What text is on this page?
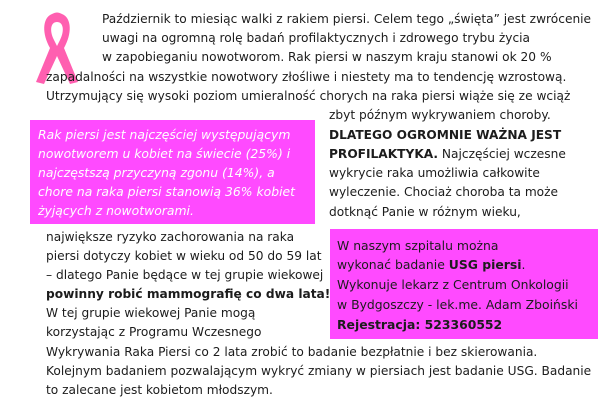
Październik to miesiąc walki z rakiem piersi. Celem tego „święta” jest zwrócenie
uwagi na ogromną rolę badań profilaktycznych i zdrowego trybu życia
w zapobieganiu nowotworom. Rak piersi w naszym kraju stanowi ok 20 %
zapadalności na wszystkie nowotwory złośliwe i niestety ma to tendencję wzrostową.
Utrzymujący się wysoki poziom umieralność chorych na raka piersi wiąże się ze wciąż
zbyt późnym wykrywaniem choroby.
Rak piersi jest najczęściej występującym
nowotworem u kobiet na świecie (25%) i
najczęstszą przyczyną zgonu (14%), a
chore na raka piersi stanowią 36% kobiet
żyjących z nowotworami.
DLATEGO OGROMNIE WAŻNA JEST
PROFILAKTYKA. Najczęściej wczesne
wykrycie raka umożliwia całkowite
wyleczenie. Chociaż choroba ta może
dotknąć Panie w różnym wieku,
największe ryzyko zachorowania na raka
piersi dotyczy kobiet w wieku od 50 do 59 lat
– dlatego Panie będące w tej grupie wiekowej
powinny robić mammografię co dwa lata!
W tej grupie wiekowej Panie mogą
korzystając z Programu Wczesnego
W naszym szpitalu można
wykonać badanie USG piersi.
Wykonuje lekarz z Centrum Onkologii
w Bydgoszczy - lek.me. Adam Zboiński
Rejestracja: 523360552
Wykrywania Raka Piersi co 2 lata zrobić to badanie bezpłatnie i bez skierowania.
Kolejnym badaniem pozwalającym wykryć zmiany w piersiach jest badanie USG. Badanie
to zalecane jest kobietom młodszym.
